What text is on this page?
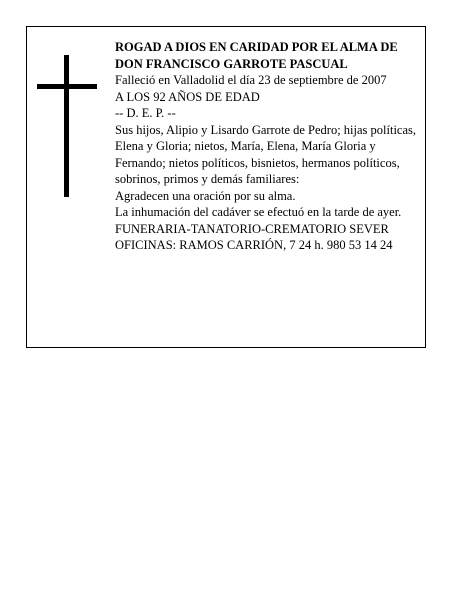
ROGAD A DIOS EN CARIDAD POR EL ALMA DE

DON FRANCISCO GARROTE PASCUAL

Falleció en Valladolid el día 23 de septiembre de 2007

A LOS 92 AÑOS DE EDAD

-- D. E. P. --

Sus hijos, Alipio y Lisardo Garrote de Pedro; hijas políticas, Elena y Gloria; nietos, María, Elena, María Gloria y Fernando; nietos políticos, bisnietos, hermanos políticos, sobrinos, primos y demás familiares:

Agradecen una oración por su alma.

La inhumación del cadáver se efectuó en la tarde de ayer.

FUNERARIA-TANATORIO-CREMATORIO SEVER

OFICINAS: RAMOS CARRIÓN, 7 24 h. 980 53 14 24
